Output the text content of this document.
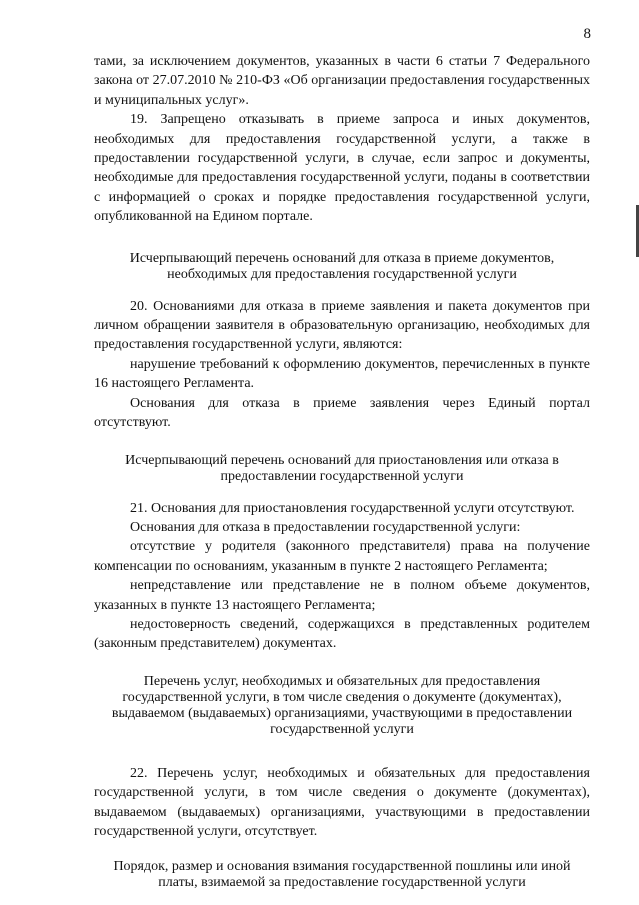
8

тами, за исключением документов, указанных в части 6 статьи 7 Федерального закона от 27.07.2010 № 210-ФЗ «Об организации предоставления государственных и муниципальных услуг».

19. Запрещено отказывать в приеме запроса и иных документов, необходимых для предоставления государственной услуги, а также в предоставлении государственной услуги, в случае, если запрос и документы, необходимые для предоставления государственной услуги, поданы в соответствии с информацией о сроках и порядке предоставления государственной услуги, опубликованной на Едином портале.

Исчерпывающий перечень оснований для отказа в приеме документов, необходимых для предоставления государственной услуги

20. Основаниями для отказа в приеме заявления и пакета документов при личном обращении заявителя в образовательную организацию, необходимых для предоставления государственной услуги, являются:

нарушение требований к оформлению документов, перечисленных в пункте 16 настоящего Регламента.

Основания для отказа в приеме заявления через Единый портал отсутствуют.

Исчерпывающий перечень оснований для приостановления или отказа в предоставлении государственной услуги

21. Основания для приостановления государственной услуги отсутствуют.

Основания для отказа в предоставлении государственной услуги:

отсутствие у родителя (законного представителя) права на получение компенсации по основаниям, указанным в пункте 2 настоящего Регламента;

непредставление или представление не в полном объеме документов, указанных в пункте 13 настоящего Регламента;

недостоверность сведений, содержащихся в представленных родителем (законным представителем) документах.

Перечень услуг, необходимых и обязательных для предоставления государственной услуги, в том числе сведения о документе (документах), выдаваемом (выдаваемых) организациями, участвующими в предоставлении государственной услуги

22. Перечень услуг, необходимых и обязательных для предоставления государственной услуги, в том числе сведения о документе (документах), выдаваемом (выдаваемых) организациями, участвующими в предоставлении государственной услуги, отсутствует.

Порядок, размер и основания взимания государственной пошлины или иной платы, взимаемой за предоставление государственной услуги
